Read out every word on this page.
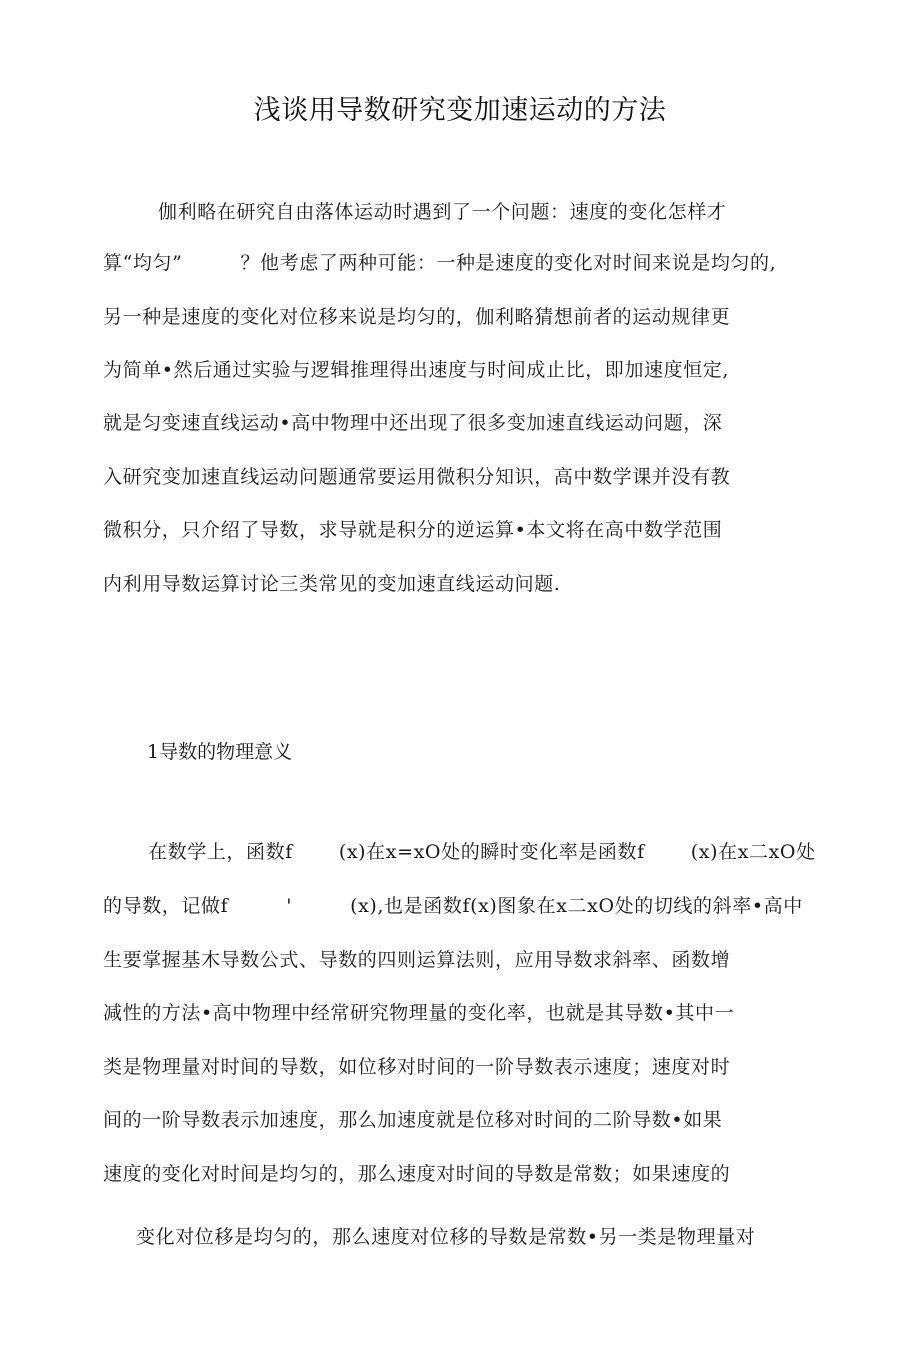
浅谈用导数研究变加速运动的方法
伽利略在研究自由落体运动时遇到了一个问题：速度的变化怎样才
算“均匀”	？他考虑了两种可能：一种是速度的变化对时间来说是均匀的,
另一种是速度的变化对位移来说是均匀的，伽利略猜想前者的运动规律更
为简单•然后通过实验与逻辑推理得出速度与时间成止比，即加速度恒定,
就是匀变速直线运动•高中物理中还出现了很多变加速直线运动问题，深
入研究变加速直线运动问题通常要运用微积分知识，高中数学课并没有教
微积分，只介绍了导数，求导就是积分的逆运算•本文将在高中数学范围
内利用导数运算讨论三类常见的变加速直线运动问题.
1导数的物理意义
在数学上，函数f (x)在x=xO处的瞬时变化率是函数f (x)在x二xO处
的导数，记做f	'	(x),也是函数f(x)图象在x二xO处的切线的斜率•高中
生要掌握基木导数公式、导数的四则运算法则，应用导数求斜率、函数增
减性的方法•高中物理中经常研究物理量的变化率，也就是其导数•其中一
类是物理量对时间的导数，如位移对时间的一阶导数表示速度；速度对时
间的一阶导数表示加速度，那么加速度就是位移对时间的二阶导数•如果
速度的变化对时间是均匀的，那么速度对时间的导数是常数；如果速度的
变化对位移是均匀的，那么速度对位移的导数是常数•另一类是物理量对
